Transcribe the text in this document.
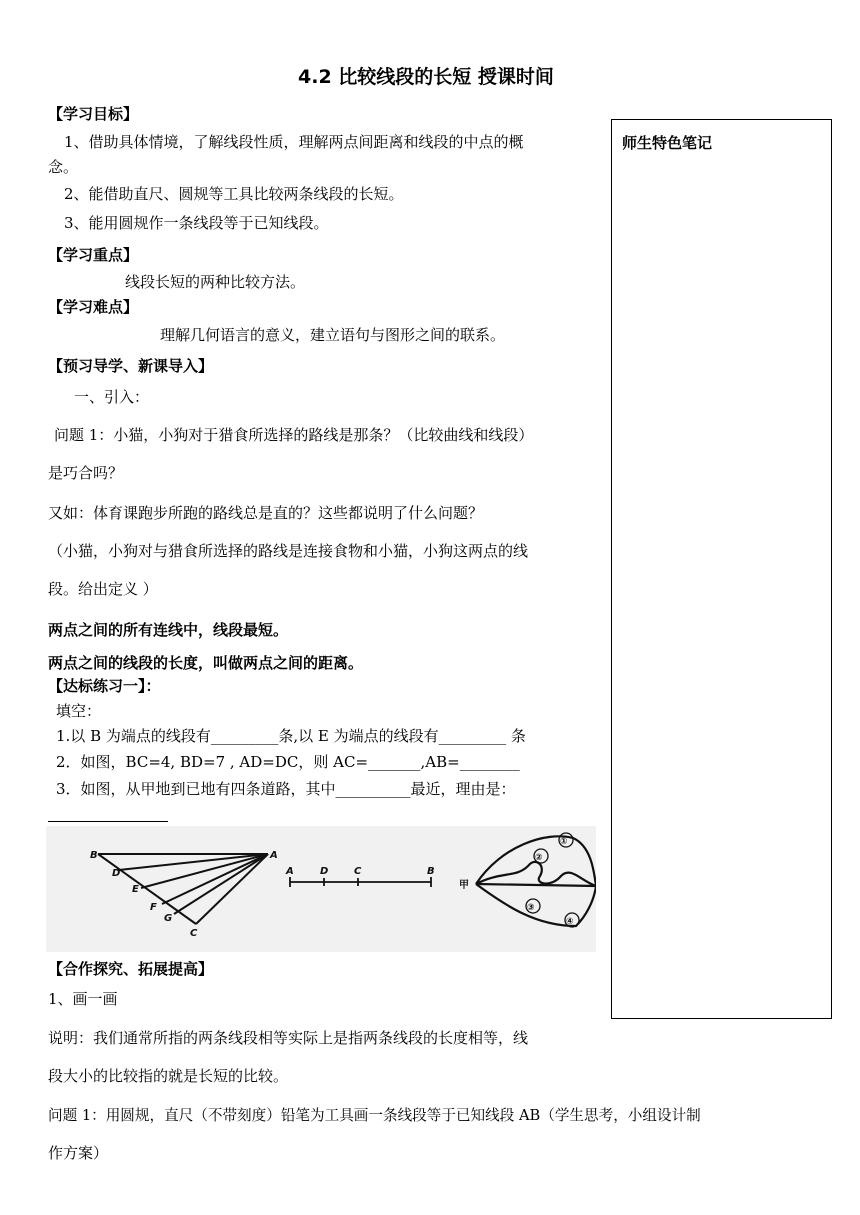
4.2 比较线段的长短 授课时间
师生特色笔记
【学习目标】
1、借助具体情境，了解线段性质，理解两点间距离和线段的中点的概
念。
2、能借助直尺、圆规等工具比较两条线段的长短。
3、能用圆规作一条线段等于已知线段。
【学习重点】
线段长短的两种比较方法。
【学习难点】
理解几何语言的意义，建立语句与图形之间的联系。
【预习导学、新课导入】
一、引入：
问题 1：小猫，小狗对于猎食所选择的路线是那条？（比较曲线和线段）
是巧合吗？
又如：体育课跑步所跑的路线总是直的？这些都说明了什么问题？
（小猫，小狗对与猎食所选择的路线是连接食物和小猫，小狗这两点的线
段。给出定义 ）
两点之间的所有连线中，线段最短。
两点之间的线段的长度，叫做两点之间的距离。
【达标练习一】：
填空：
1.以 B 为端点的线段有_________条,以 E 为端点的线段有_________ 条
2．如图，BC=4, BD=7 , AD=DC，则 AC=_______,AB=________
3．如图，从甲地到已地有四条道路，其中__________最近，理由是：
B	A
D
E
F
G
C
A	D	C	B
甲
①
②
③
④
【合作探究、拓展提高】
1、画一画
说明：我们通常所指的两条线段相等实际上是指两条线段的长度相等，线
段大小的比较指的就是长短的比较。
问题 1：用圆规，直尺（不带刻度）铅笔为工具画一条线段等于已知线段 AB（学生思考，小组设计制
作方案）
